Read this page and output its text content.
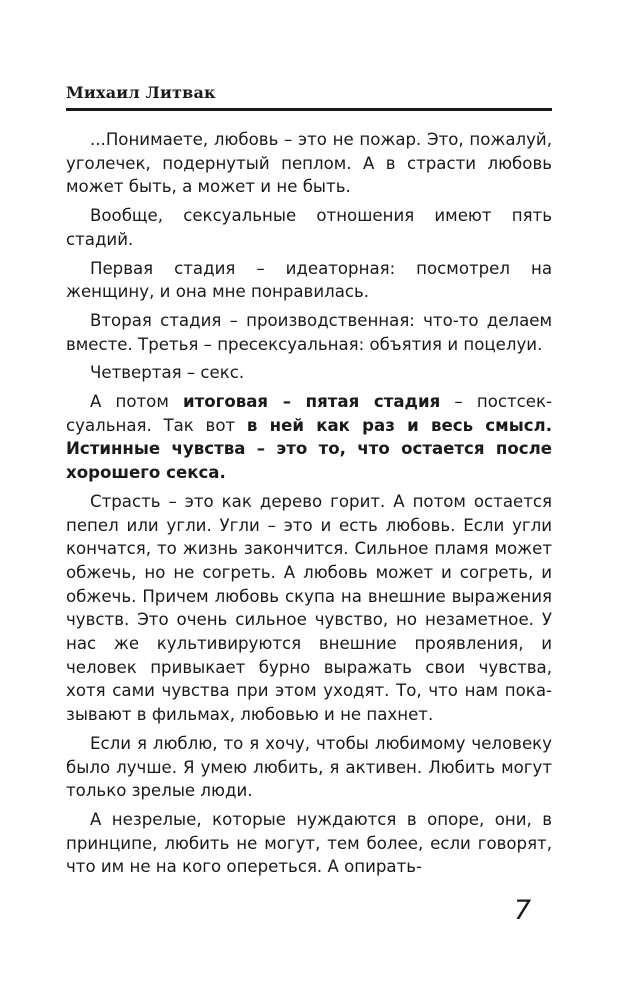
Михаил Литвак

...Понимаете, любовь – это не пожар. Это, пожалуй, уголечек, подернутый пеплом. А в страсти любовь может быть, а может и не быть.

Вообще, сексуальные отношения имеют пять стадий.

Первая стадия – идеаторная: посмотрел на женщину, и она мне понравилась.

Вторая стадия – производственная: что-то делаем вместе. Третья – пресексуальная: объятия и поцелуи.

Четвертая – секс.

А потом итоговая – пятая стадия – постсексуальная. Так вот в ней как раз и весь смысл. Истинные чувства – это то, что остается после хорошего секса.

Страсть – это как дерево горит. А потом остается пепел или угли. Угли – это и есть любовь. Если угли кончатся, то жизнь закончится. Сильное пламя может обжечь, но не согреть. А любовь может и согреть, и обжечь. Причем любовь скупа на внешние выражения чувств. Это очень сильное чувство, но незаметное. У нас же культивируются внешние проявления, и человек привыкает бурно выражать свои чувства, хотя сами чувства при этом уходят. То, что нам показывают в фильмах, любовью и не пахнет.

Если я люблю, то я хочу, чтобы любимому человеку было лучше. Я умею любить, я активен. Любить могут только зрелые люди.

А незрелые, которые нуждаются в опоре, они, в принципе, любить не могут, тем более, если говорят, что им не на кого опереться. А опирать-

7
